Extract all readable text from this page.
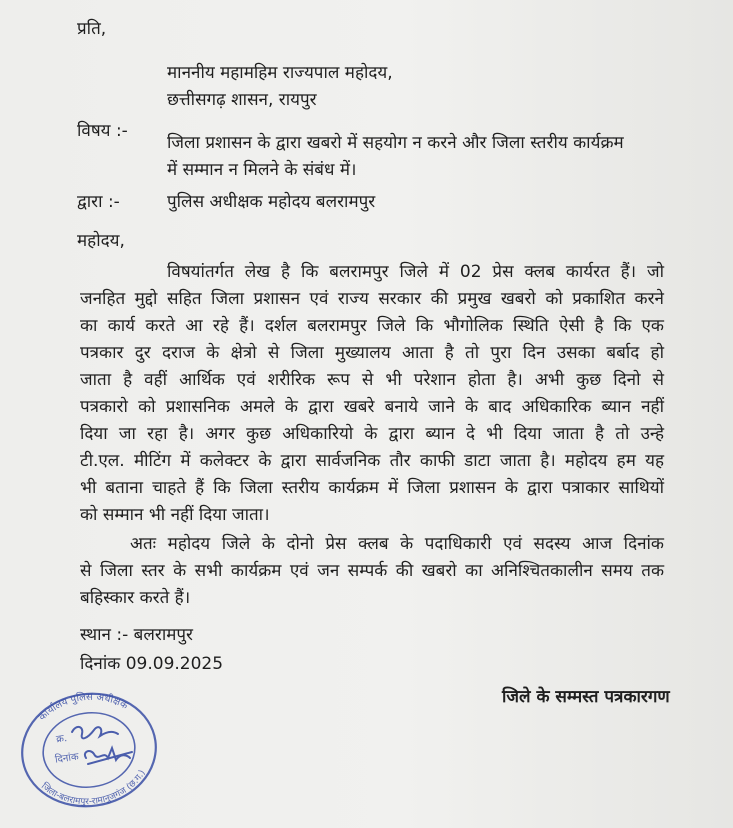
प्रति,
माननीय महामहिम राज्यपाल महोदय,
छत्तीसगढ़ शासन, रायपुर
विषय :-
जिला प्रशासन के द्वारा खबरो में सहयोग न करने और जिला स्तरीय कार्यक्रम
में सम्मान न मिलने के संबंध में।
द्वारा :-	पुलिस अधीक्षक महोदय बलरामपुर
महोदय,
विषयांतर्गत लेख है कि बलरामपुर जिले में 02 प्रेस क्लब कार्यरत हैं। जो
जनहित मुद्दो सहित जिला प्रशासन एवं राज्य सरकार की प्रमुख खबरो को प्रकाशित करने
का कार्य करते आ रहे हैं। दर्शल बलरामपुर जिले कि भौगोलिक स्थिति ऐसी है कि एक
पत्रकार दुर दराज के क्षेत्रो से जिला मुख्यालय आता है तो पुरा दिन उसका बर्बाद हो
जाता है वहीं आर्थिक एवं शरीरिक रूप से भी परेशान होता है। अभी कुछ दिनो से
पत्रकारो को प्रशासनिक अमले के द्वारा खबरे बनाये जाने के बाद अधिकारिक ब्यान नहीं
दिया जा रहा है। अगर कुछ अधिकारियो के द्वारा ब्यान दे भी दिया जाता है तो उन्हे
टी.एल. मीटिंग में कलेक्टर के द्वारा सार्वजनिक तौर काफी डाटा जाता है। महोदय हम यह
भी बताना चाहते हैं कि जिला स्तरीय कार्यक्रम में जिला प्रशासन के द्वारा पत्राकार साथियों
को सम्मान भी नहीं दिया जाता।
अतः महोदय जिले के दोनो प्रेस क्लब के पदाधिकारी एवं सदस्य आज दिनांक
से जिला स्तर के सभी कार्यक्रम एवं जन सम्पर्क की खबरो का अनिश्चितकालीन समय तक
बहिस्कार करते हैं।
स्थान :- बलरामपुर
दिनांक 09.09.2025
जिले के सम्मस्त पत्रकारगण
कार्यालय पुलिस अधीक्षक
जिला-बलरामपुर-रामानुजगंज (छ.ग.)
क्र.
दिनांक
